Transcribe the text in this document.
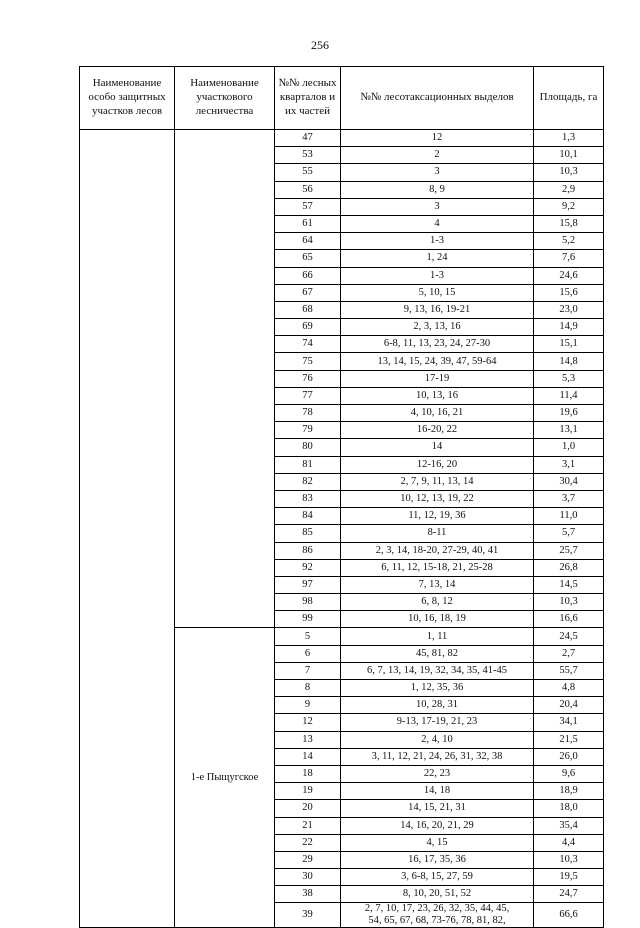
256
Наименование особо защитных участков лесов	Наименование участкового лесничества	№№ лесных кварталов и их частей	№№ лесотаксационных выделов	Площадь, га
		47	12	1,3
		53	2	10,1
		55	3	10,3
		56	8, 9	2,9
		57	3	9,2
		61	4	15,8
		64	1-3	5,2
		65	1, 24	7,6
		66	1-3	24,6
		67	5, 10, 15	15,6
		68	9, 13, 16, 19-21	23,0
		69	2, 3, 13, 16	14,9
		74	6-8, 11, 13, 23, 24, 27-30	15,1
		75	13, 14, 15, 24, 39, 47, 59-64	14,8
		76	17-19	5,3
		77	10, 13, 16	11,4
		78	4, 10, 16, 21	19,6
		79	16-20, 22	13,1
		80	14	1,0
		81	12-16, 20	3,1
		82	2, 7, 9, 11, 13, 14	30,4
		83	10, 12, 13, 19, 22	3,7
		84	11, 12, 19, 36	11,0
		85	8-11	5,7
		86	2, 3, 14, 18-20, 27-29, 40, 41	25,7
		92	6, 11, 12, 15-18, 21, 25-28	26,8
		97	7, 13, 14	14,5
		98	6, 8, 12	10,3
		99	10, 16, 18, 19	16,6
	1-е Пыщугское	5	1, 11	24,5
		6	45, 81, 82	2,7
		7	6, 7, 13, 14, 19, 32, 34, 35, 41-45	55,7
		8	1, 12, 35, 36	4,8
		9	10, 28, 31	20,4
		12	9-13, 17-19, 21, 23	34,1
		13	2, 4, 10	21,5
		14	3, 11, 12, 21, 24, 26, 31, 32, 38	26,0
		18	22, 23	9,6
		19	14, 18	18,9
		20	14, 15, 21, 31	18,0
		21	14, 16, 20, 21, 29	35,4
		22	4, 15	4,4
		29	16, 17, 35, 36	10,3
		30	3, 6-8, 15, 27, 59	19,5
		38	8, 10, 20, 51, 52	24,7
		39	2, 7, 10, 17, 23, 26, 32, 35, 44, 45,
54, 65, 67, 68, 73-76, 78, 81, 82,	66,6
